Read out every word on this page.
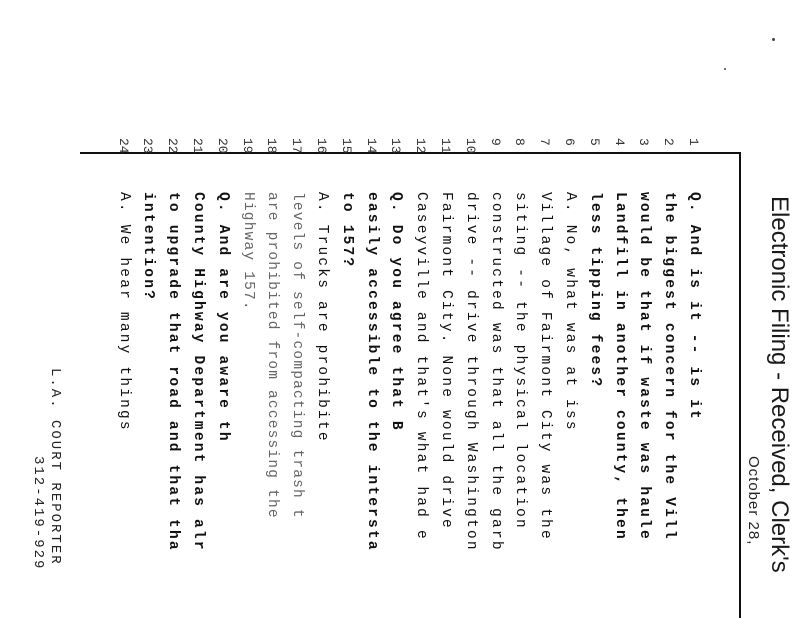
Electronic Filing - Received, Clerk's
October 28,
1
Q. And is it -- is it
2
the biggest concern for the Vill
3
would be that if waste was haule
4
Landfill in another county, then
5
less tipping fees?
6
A. No, what was at iss
7
Village of Fairmont City was the
8
siting -- the physical location
9
constructed was that all the garb
10
drive -- drive through Washington
11
Fairmont City. None would drive
12
Caseyville and that's what had e
13
Q. Do you agree that B
14
easily accessible to the intersta
15
to 157?
16
A. Trucks are prohibite
17
levels of self-compacting trash t
18
are prohibited from accessing the
19
Highway 157.
20
Q. And are you aware th
21
County Highway Department has alr
22
to upgrade that road and that tha
23
intention?
24
A. We hear many things
L.A. COURT REPORTER
312-419-929
